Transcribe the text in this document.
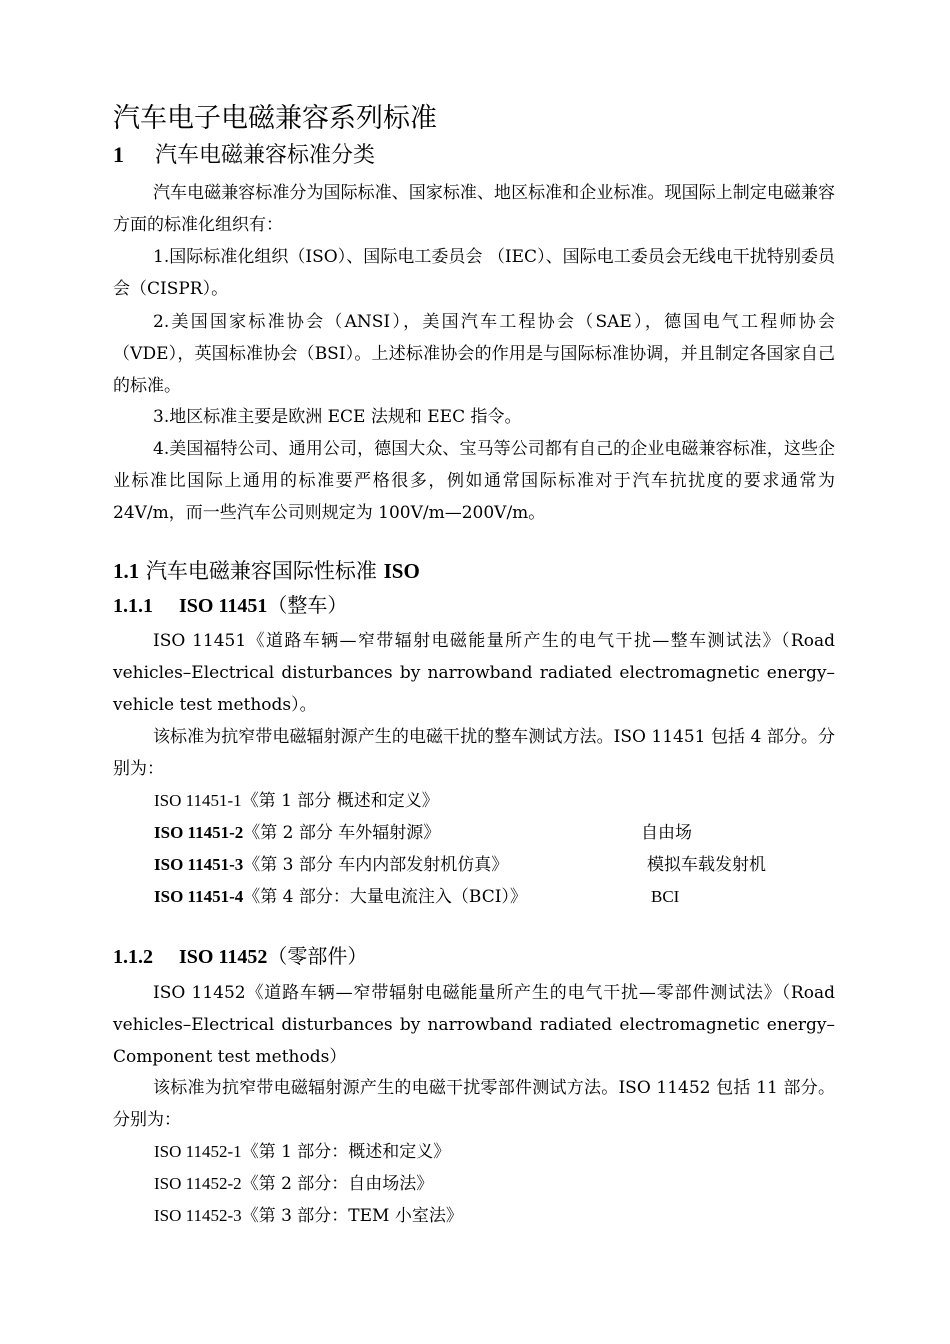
汽车电子电磁兼容系列标准
1 汽车电磁兼容标准分类

汽车电磁兼容标准分为国际标准、国家标准、地区标准和企业标准。现国际上制定电磁兼容方面的标准化组织有：

1.国际标准化组织（ISO）、国际电工委员会 （IEC）、国际电工委员会无线电干扰特别委员会（CISPR）。

2.美国国家标准协会（ANSI），美国汽车工程协会（SAE），德国电气工程师协会（VDE），英国标准协会（BSI）。上述标准协会的作用是与国际标准协调，并且制定各国家自己的标准。

3.地区标准主要是欧洲 ECE 法规和 EEC 指令。

4.美国福特公司、通用公司，德国大众、宝马等公司都有自己的企业电磁兼容标准，这些企业标准比国际上通用的标准要严格很多，例如通常国际标准对于汽车抗扰度的要求通常为 24V/m，而一些汽车公司则规定为 100V/m—200V/m。

1.1 汽车电磁兼容国际性标准 ISO
1.1.1 ISO 11451（整车）

ISO 11451《道路车辆—窄带辐射电磁能量所产生的电气干扰—整车测试法》（Road vehicles–Electrical disturbances by narrowband radiated electromagnetic energy–vehicle test methods）。

该标准为抗窄带电磁辐射源产生的电磁干扰的整车测试方法。ISO 11451 包括 4 部分。分别为：

ISO 11451-1《第 1 部分 概述和定义》
ISO 11451-2《第 2 部分 车外辐射源》	自由场
ISO 11451-3《第 3 部分 车内内部发射机仿真》	模拟车载发射机
ISO 11451-4《第 4 部分：大量电流注入（BCI）》	BCI
1.1.2 ISO 11452（零部件）

ISO 11452《道路车辆—窄带辐射电磁能量所产生的电气干扰—零部件测试法》（Road vehicles–Electrical disturbances by narrowband radiated electromagnetic energy–Component test methods）

该标准为抗窄带电磁辐射源产生的电磁干扰零部件测试方法。ISO 11452 包括 11 部分。分别为：

ISO 11452-1《第 1 部分：概述和定义》
ISO 11452-2《第 2 部分：自由场法》
ISO 11452-3《第 3 部分：TEM 小室法》
